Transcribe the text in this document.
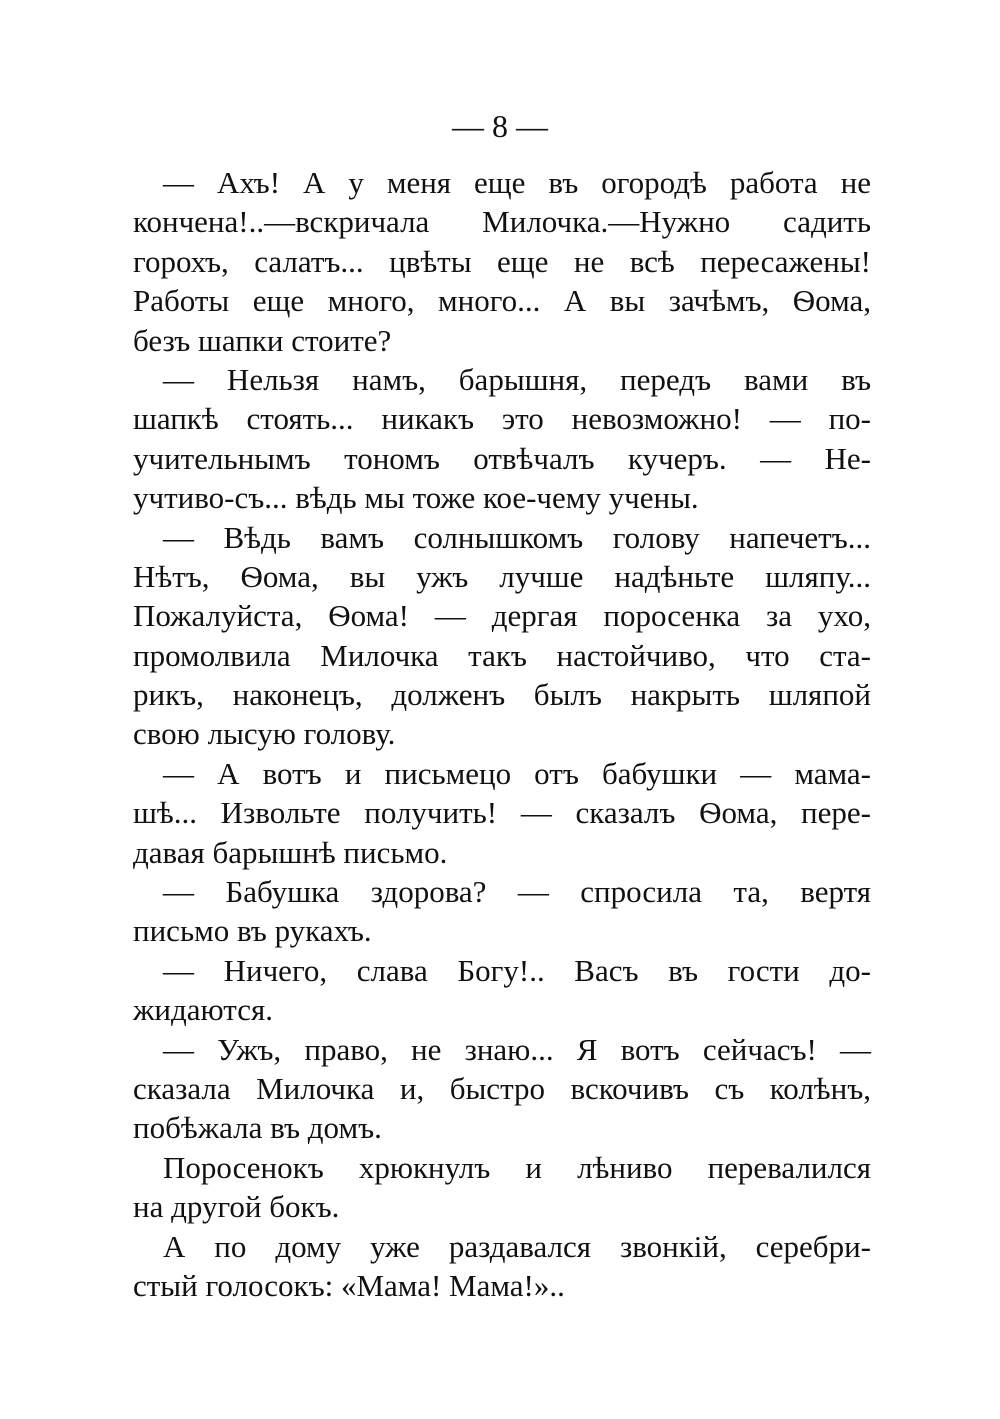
— 8 —
— Ахъ! А у меня еще въ огородѣ работа не
кончена!..—вскричала Милочка.—Нужно садить
горохъ, салатъ... цвѣты еще не всѣ пересажены!
Работы еще много, много... А вы зачѣмъ, Ѳома,
безъ шапки стоите?
— Нельзя намъ, барышня, передъ вами въ
шапкѣ стоять... никакъ это невозможно! — по-
учительнымъ тономъ отвѣчалъ кучеръ. — Не-
учтиво-съ... вѣдь мы тоже кое-чему учены.
— Вѣдь вамъ солнышкомъ голову напечетъ...
Нѣтъ, Ѳома, вы ужъ лучше надѣньте шляпу...
Пожалуйста, Ѳома! — дергая поросенка за ухо,
промолвила Милочка такъ настойчиво, что ста-
рикъ, наконецъ, долженъ былъ накрыть шляпой
свою лысую голову.
— А вотъ и письмецо отъ бабушки — мама-
шѣ... Извольте получить! — сказалъ Ѳома, пере-
давая барышнѣ письмо.
— Бабушка здорова? — спросила та, вертя
письмо въ рукахъ.
— Ничего, слава Богу!.. Васъ въ гости до-
жидаются.
— Ужъ, право, не знаю... Я вотъ сейчасъ! —
сказала Милочка и, быстро вскочивъ съ колѣнъ,
побѣжала въ домъ.
Поросенокъ хрюкнулъ и лѣниво перевалился
на другой бокъ.
А по дому уже раздавался звонкій, серебри-
стый голосокъ: «Мама! Мама!»..
